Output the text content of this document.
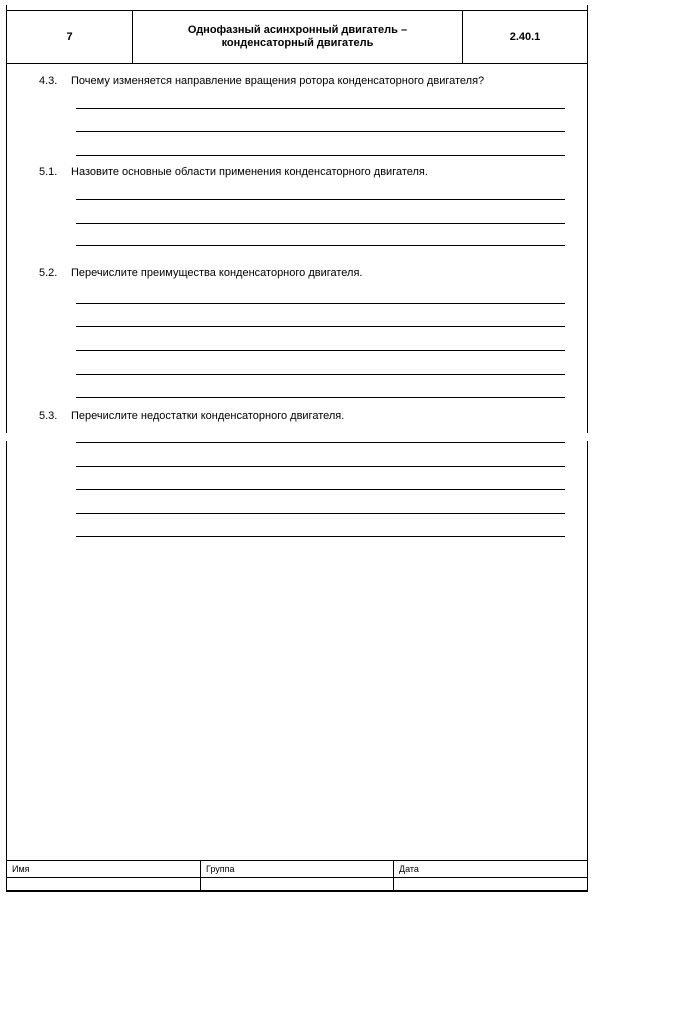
7
Однофазный асинхронный двигатель –
конденсаторный двигатель
2.40.1
4.3. Почему изменяется направление вращения ротора конденсаторного двигателя?
5.1. Назовите основные области применения конденсаторного двигателя.
5.2. Перечислите преимущества конденсаторного двигателя.
5.3. Перечислите недостатки конденсаторного двигателя.
Имя	Группа	Дата
